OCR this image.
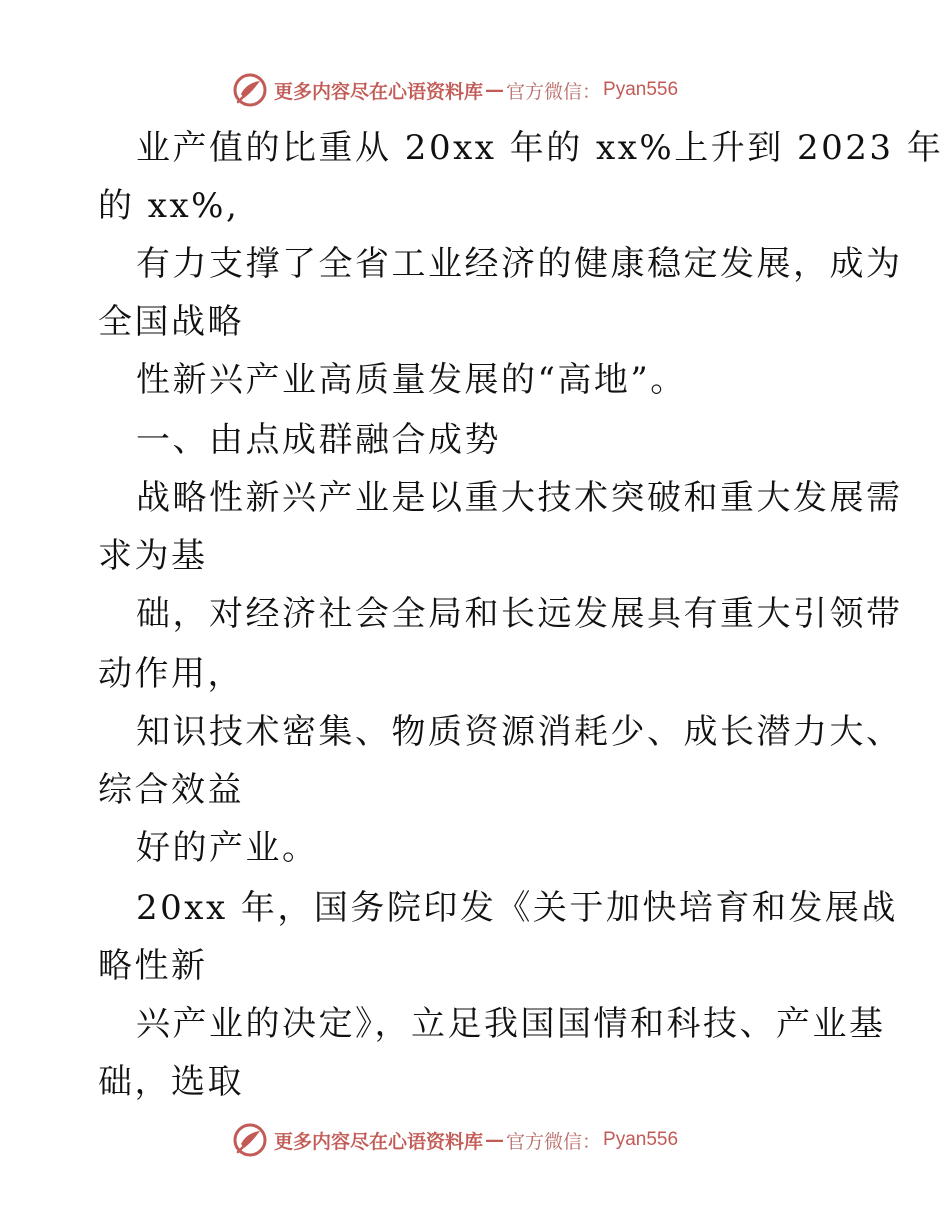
更多内容尽在心语资料库 — 官方微信： Pyan556
业产值的比重从 20xx 年的 xx%上升到 2023 年
的 xx%,
有力支撑了全省工业经济的健康稳定发展，成为
全国战略
性新兴产业高质量发展的“高地”。
一、由点成群融合成势
战略性新兴产业是以重大技术突破和重大发展需
求为基
础，对经济社会全局和长远发展具有重大引领带
动作用，
知识技术密集、物质资源消耗少、成长潜力大、
综合效益
好的产业。
20xx 年，国务院印发《关于加快培育和发展战
略性新
兴产业的决定》，立足我国国情和科技、产业基
础，选取
更多内容尽在心语资料库 — 官方微信： Pyan556
